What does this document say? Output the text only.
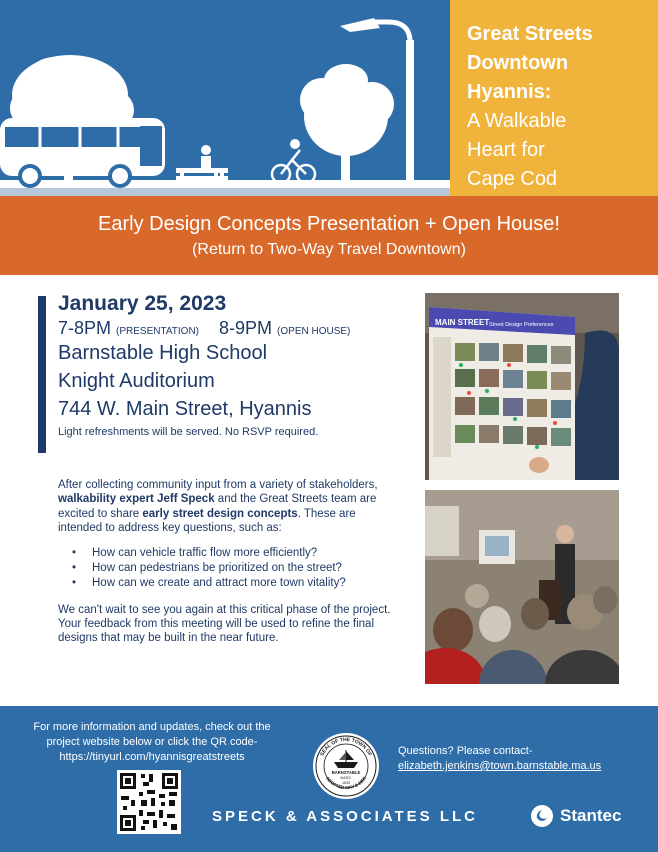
Great Streets
Downtown
Hyannis:
A Walkable
Heart for
Cape Cod
Early Design Concepts Presentation + Open House!
(Return to Two-Way Travel Downtown)
January 25, 2023
7-8PM (PRESENTATION) 8-9PM (OPEN HOUSE)
Barnstable High School
Knight Auditorium
744 W. Main Street, Hyannis
Light refreshments will be served. No RSVP required.
After collecting community input from a variety of stakeholders, walkability expert Jeff Speck and the Great Streets team are excited to share early street design concepts. These are intended to address key questions, such as:
• How can vehicle traffic flow more efficiently?
• How can pedestrians be prioritized on the street?
• How can we create and attract more town vitality?
We can't wait to see you again at this critical phase of the project. Your feedback from this meeting will be used to refine the final designs that may be built in the near future.
MAIN STREET Street Design Preferences
For more information and updates, check out the
project website below or click the QR code-
https://tinyurl.com/hyannisgreatstreets	SEAL OF THE TOWN OF
ADOPTED MAY 8 1869
BARNSTABLE
MASS.
1639
Questions? Please contact-
elizabeth.jenkins@town.barnstable.ma.us
SPECK & ASSOCIATES LLC	Stantec
